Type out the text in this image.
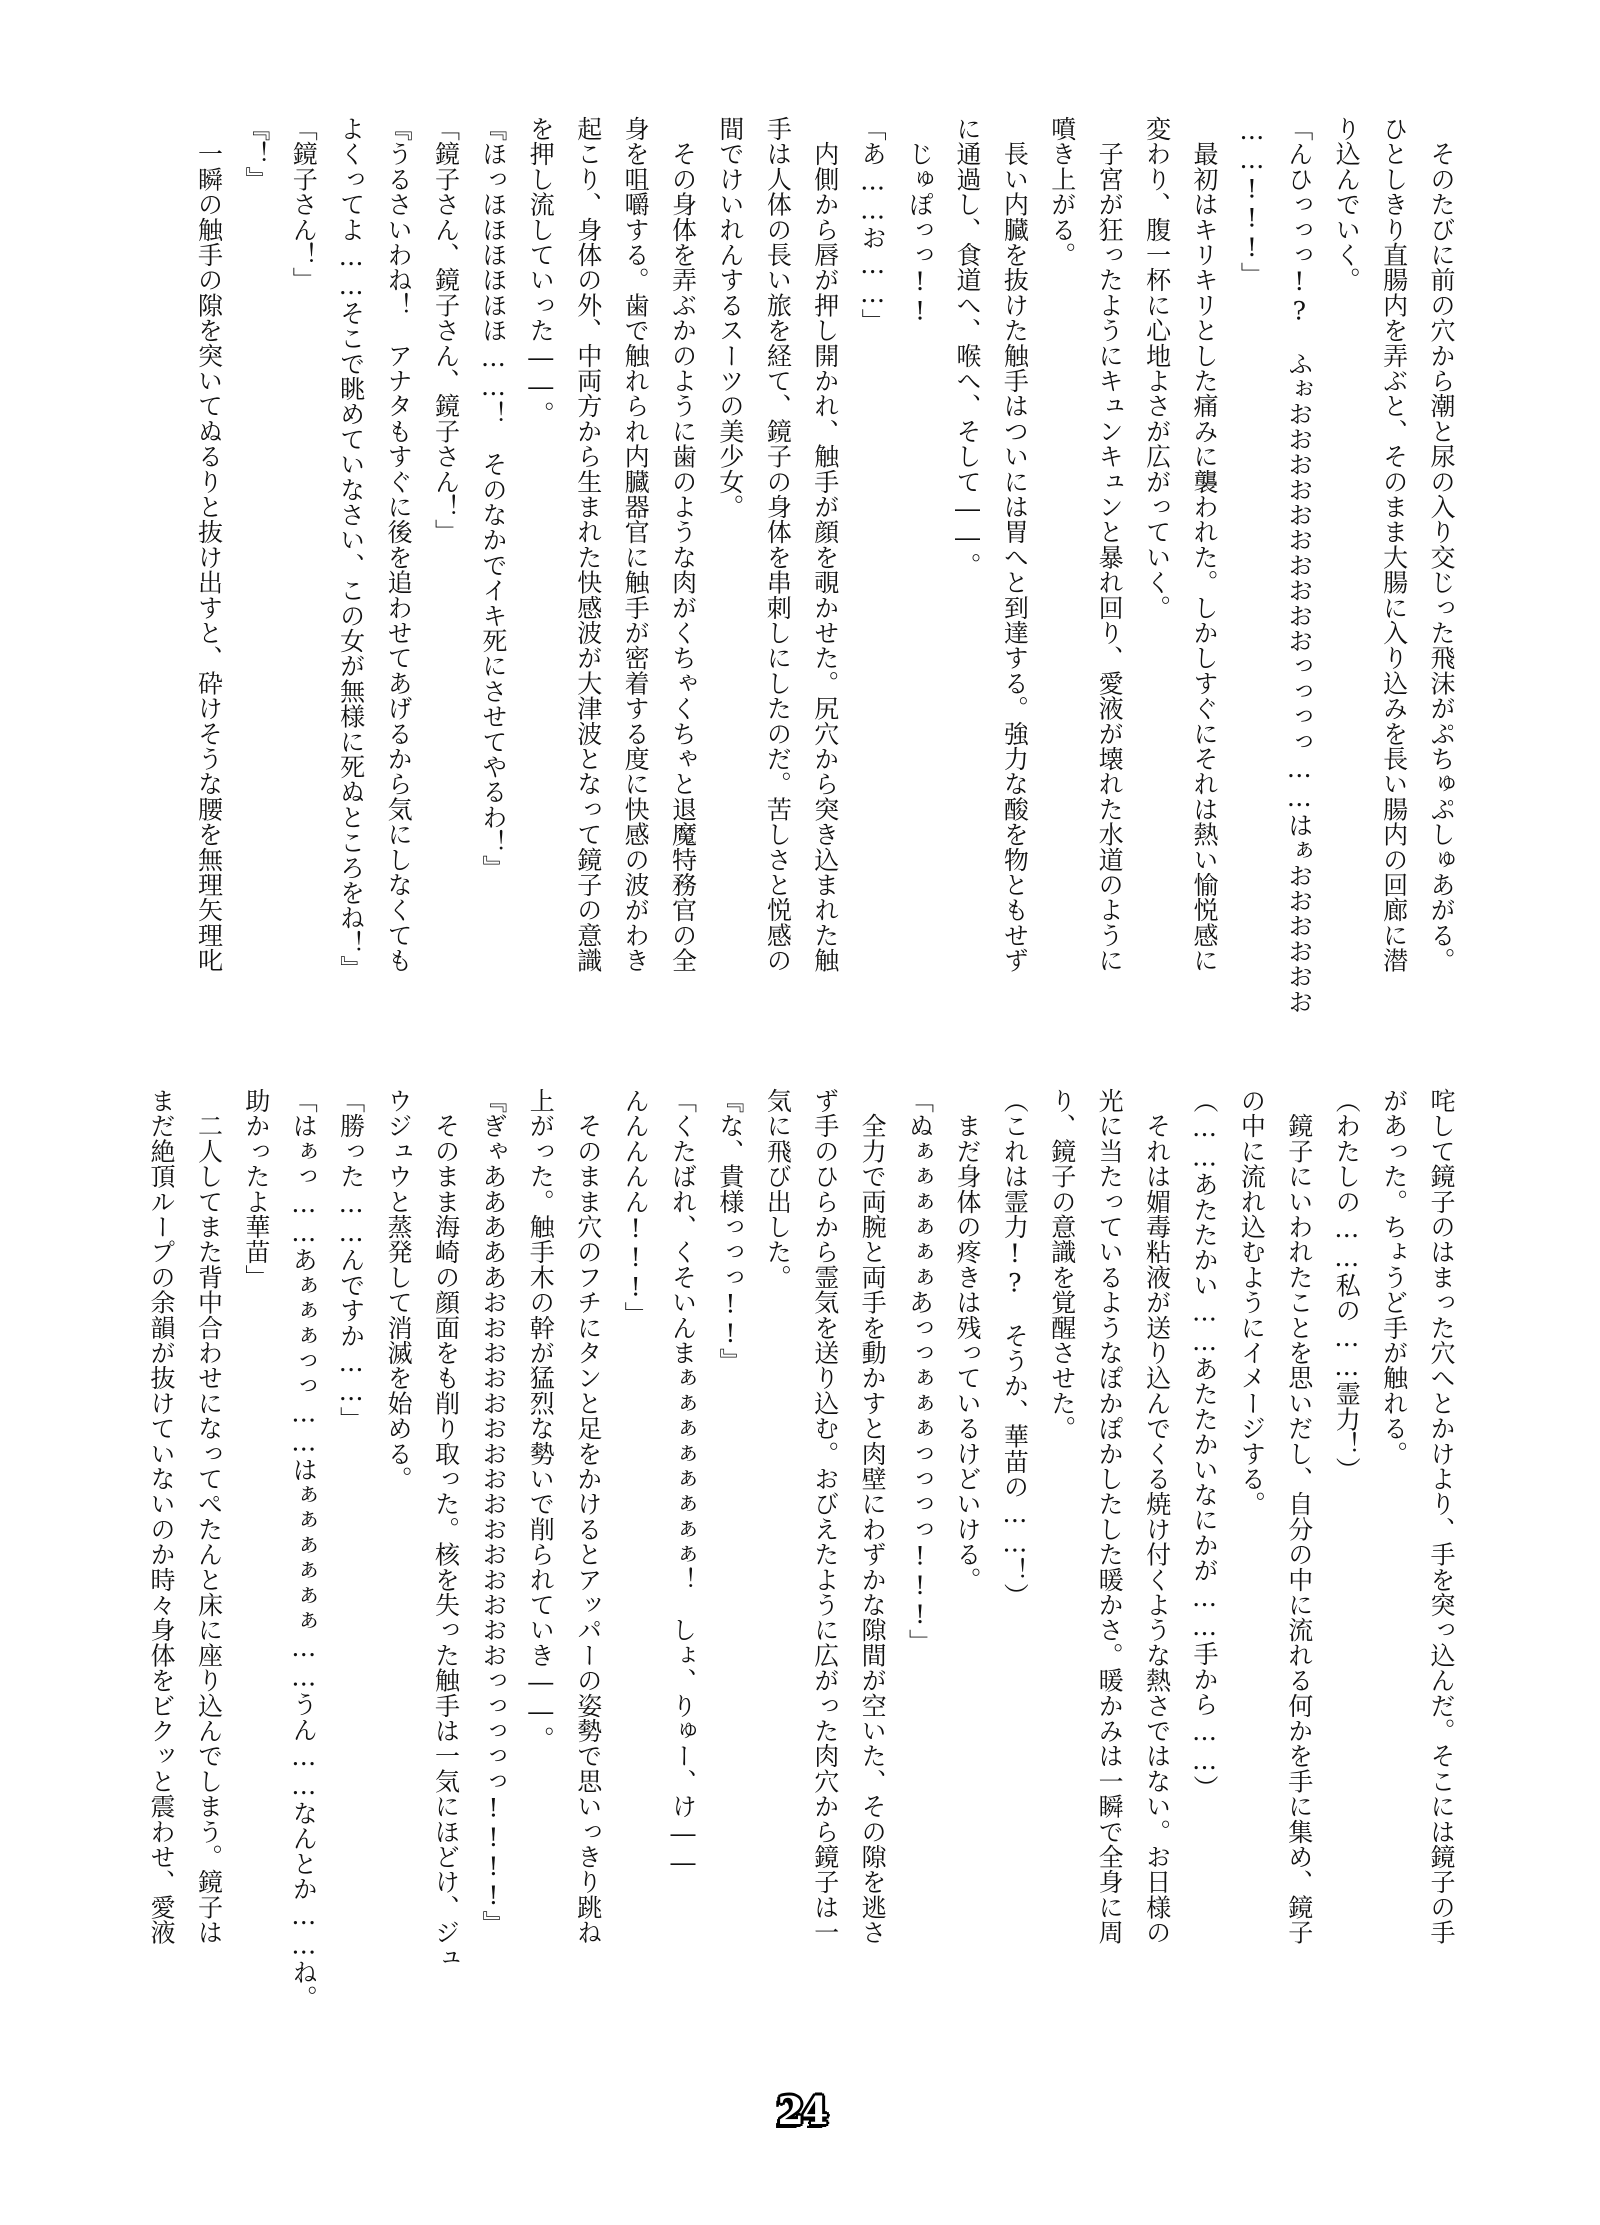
　そのたびに前の穴から潮と尿の入り交じった飛沫がぷちゅぷしゅあがる。

ひとしきり直腸内を弄ぶと、そのまま大腸に入り込みを長い腸内の回廊に潜

り込んでいく。

「んひっっっ!?　ふぉおおおおおおおおおおっっっっ……はぁおおおおおお

……!!!」

　最初はキリキリとした痛みに襲われた。しかしすぐにそれは熱い愉悦感に

変わり、腹一杯に心地よさが広がっていく。

　子宮が狂ったようにキュンキュンと暴れ回り、愛液が壊れた水道のように

噴き上がる。

　長い内臓を抜けた触手はついには胃へと到達する。強力な酸を物ともせず

に通過し、食道へ、喉へ、そして――。

　じゅぽっっ!!

「あ……お……」

　内側から唇が押し開かれ、触手が顔を覗かせた。尻穴から突き込まれた触

手は人体の長い旅を経て、鏡子の身体を串刺しにしたのだ。苦しさと悦感の

間でけいれんするスーツの美少女。

　その身体を弄ぶかのように歯のような肉がくちゃくちゃと退魔特務官の全

身を咀嚼する。歯で触れられ内臓器官に触手が密着する度に快感の波がわき

起こり、身体の外、中両方から生まれた快感波が大津波となって鏡子の意識

を押し流していった――。

『ほっほほほほほほ……！　そのなかでイキ死にさせてやるわ！』

「鏡子さん、鏡子さん、鏡子さん！」

『うるさいわね！　アナタもすぐに後を追わせてあげるから気にしなくても

よくってよ……そこで眺めていなさい、この女が無様に死ぬところをね！』

「鏡子さん！」

『！』

　一瞬の触手の隙を突いてぬるりと抜け出すと、砕けそうな腰を無理矢理叱

咤して鏡子のはまった穴へとかけより、手を突っ込んだ。そこには鏡子の手

があった。ちょうど手が触れる。

（わたしの……私の……霊力！）

　鏡子にいわれたことを思いだし、自分の中に流れる何かを手に集め、鏡子

の中に流れ込むようにイメージする。

（……あたたかい……あたたかいなにかが……手から……）

　それは媚毒粘液が送り込んでくる焼け付くような熱さではない。お日様の

光に当たっているようなぽかぽかしたした暖かさ。暖かみは一瞬で全身に周

り、鏡子の意識を覚醒させた。

（これは霊力!?　そうか、華苗の……！）

　まだ身体の疼きは残っているけどいける。

「ぬぁぁぁぁぁぁあっっぁぁぁっっっっ!!!」

　全力で両腕と両手を動かすと肉壁にわずかな隙間が空いた、その隙を逃さ

ず手のひらから霊気を送り込む。おびえたように広がった肉穴から鏡子は一

気に飛び出した。

『な、貴様っっっ!!』

「くたばれ、くそいんまぁぁぁぁぁぁぁぁ！　しょ、りゅー、け――

んんんんん!!!」

　そのまま穴のフチにタンと足をかけるとアッパーの姿勢で思いっきり跳ね

上がった。触手木の幹が猛烈な勢いで削られていき――。

『ぎゃあああああおおおおおおおおおおおおおおおっっっっっ!!!!』

　そのまま海崎の顔面をも削り取った。核を失った触手は一気にほどけ、ジュ

ウジュウと蒸発して消滅を始める。

「勝った……んですか……」

「はぁっ……あぁぁぁっっ……はぁぁぁぁぁぁ……うん……なんとか……ね。

助かったよ華苗」

　二人してまた背中合わせになってぺたんと床に座り込んでしまう。鏡子は

まだ絶頂ループの余韻が抜けていないのか時々身体をビクッと震わせ、愛液

24
